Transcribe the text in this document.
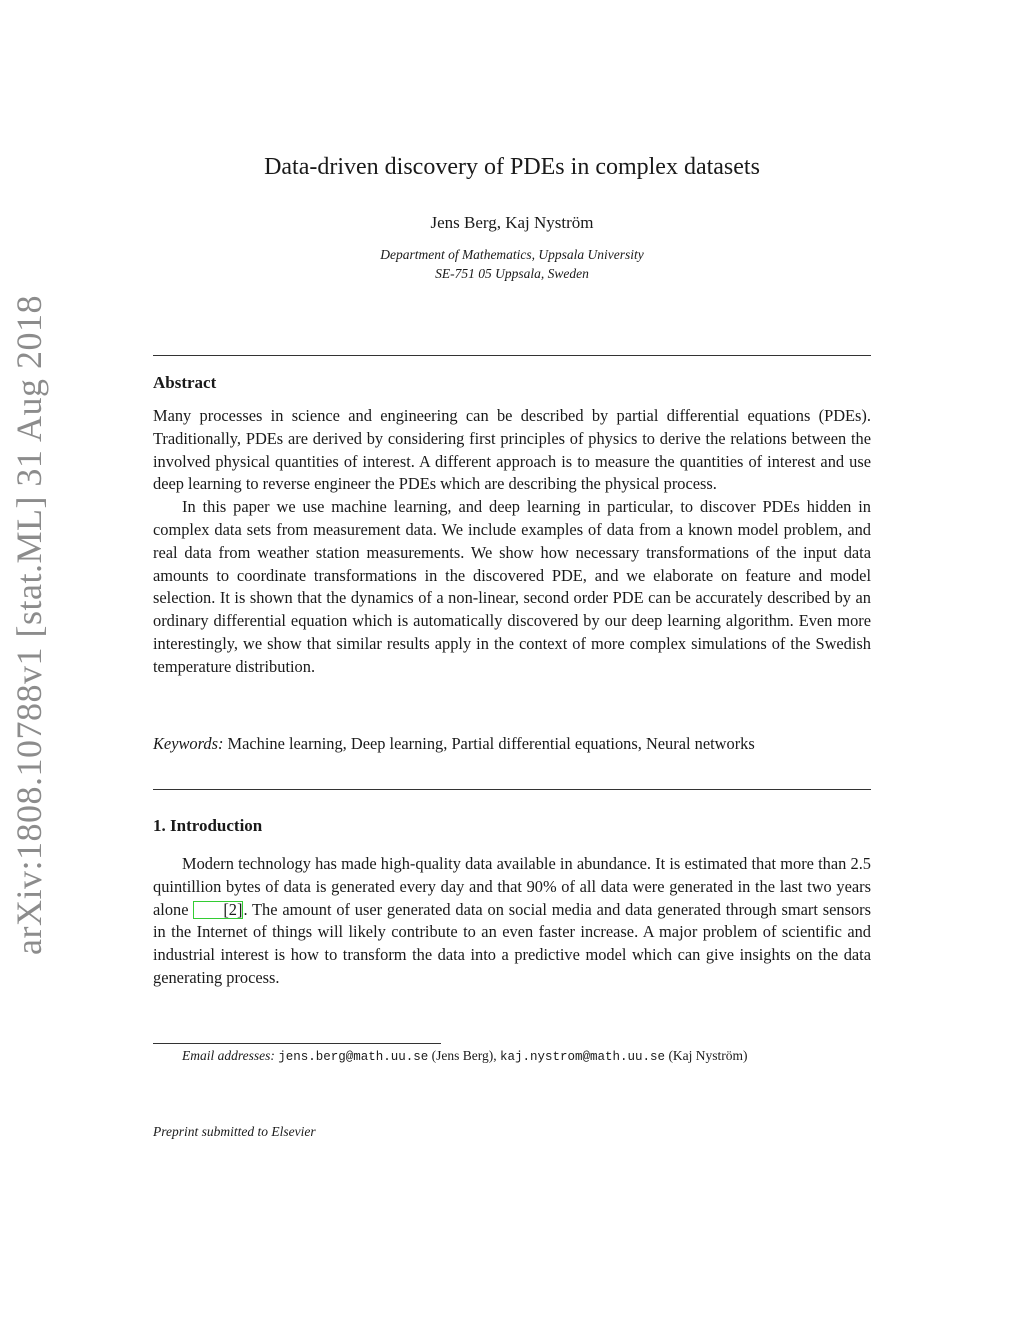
arXiv:1808.10788v1 [stat.ML] 31 Aug 2018
Data-driven discovery of PDEs in complex datasets
Jens Berg, Kaj Nyström
Department of Mathematics, Uppsala University
SE-751 05 Uppsala, Sweden
Abstract

Many processes in science and engineering can be described by partial differential equations (PDEs). Traditionally, PDEs are derived by considering first principles of physics to derive the relations between the involved physical quantities of interest. A different approach is to measure the quantities of interest and use deep learning to reverse engineer the PDEs which are describing the physical process.

In this paper we use machine learning, and deep learning in particular, to discover PDEs hidden in complex data sets from measurement data. We include examples of data from a known model problem, and real data from weather station measurements. We show how necessary transformations of the input data amounts to coordinate transformations in the discovered PDE, and we elaborate on feature and model selection. It is shown that the dynamics of a non-linear, second order PDE can be accurately described by an ordinary differential equation which is automatically discovered by our deep learning algorithm. Even more interestingly, we show that similar results apply in the context of more complex simulations of the Swedish temperature distribution.

Keywords: Machine learning, Deep learning, Partial differential equations, Neural networks

1. Introduction

Modern technology has made high-quality data available in abundance. It is estimated that more than 2.5 quintillion bytes of data is generated every day and that 90% of all data were generated in the last two years alone [2]. The amount of user generated data on social media and data generated through smart sensors in the Internet of things will likely contribute to an even faster increase. A major problem of scientific and industrial interest is how to transform the data into a predictive model which can give insights on the data generating process.

Email addresses: jens.berg@math.uu.se (Jens Berg), kaj.nystrom@math.uu.se (Kaj Nyström)
Preprint submitted to Elsevier
